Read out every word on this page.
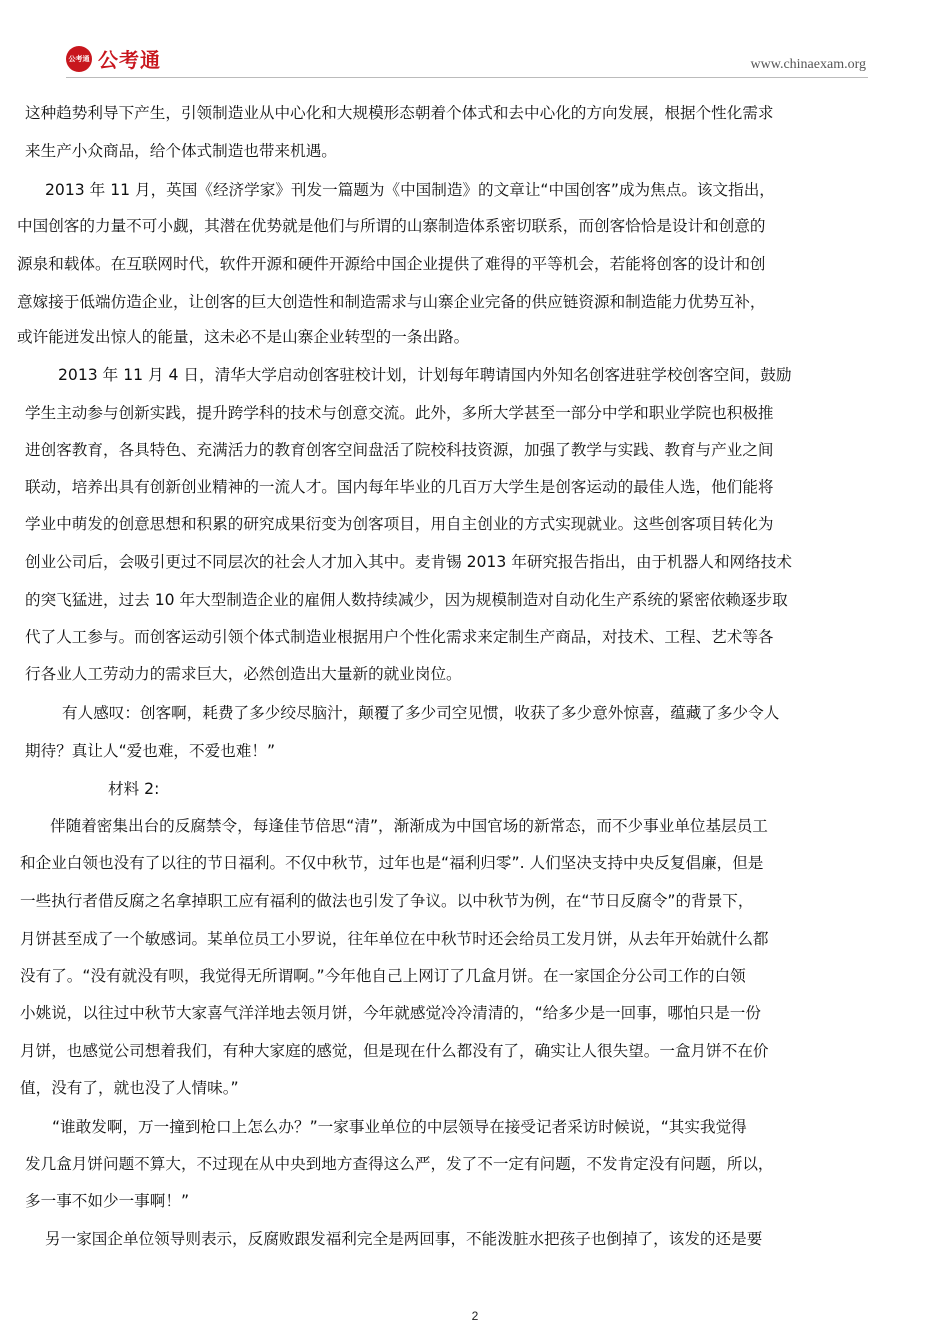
公考通 公考通	www.chinaexam.org
这种趋势利导下产生，引领制造业从中心化和大规模形态朝着个体式和去中心化的方向发展，根据个性化需求
来生产小众商品，给个体式制造也带来机遇。
2013 年 11 月，英国《经济学家》刊发一篇题为《中国制造》的文章让“中国创客”成为焦点。该文指出，
中国创客的力量不可小觑，其潜在优势就是他们与所谓的山寨制造体系密切联系，而创客恰恰是设计和创意的
源泉和载体。在互联网时代，软件开源和硬件开源给中国企业提供了难得的平等机会，若能将创客的设计和创
意嫁接于低端仿造企业，让创客的巨大创造性和制造需求与山寨企业完备的供应链资源和制造能力优势互补，
或许能迸发出惊人的能量，这未必不是山寨企业转型的一条出路。
2013 年 11 月 4 日，清华大学启动创客驻校计划，计划每年聘请国内外知名创客进驻学校创客空间，鼓励
学生主动参与创新实践，提升跨学科的技术与创意交流。此外，多所大学甚至一部分中学和职业学院也积极推
进创客教育，各具特色、充满活力的教育创客空间盘活了院校科技资源，加强了教学与实践、教育与产业之间
联动，培养出具有创新创业精神的一流人才。国内每年毕业的几百万大学生是创客运动的最佳人选，他们能将
学业中萌发的创意思想和积累的研究成果衍变为创客项目，用自主创业的方式实现就业。这些创客项目转化为
创业公司后，会吸引更过不同层次的社会人才加入其中。麦肯锡 2013 年研究报告指出，由于机器人和网络技术
的突飞猛进，过去 10 年大型制造企业的雇佣人数持续减少，因为规模制造对自动化生产系统的紧密依赖逐步取
代了人工参与。而创客运动引领个体式制造业根据用户个性化需求来定制生产商品，对技术、工程、艺术等各
行各业人工劳动力的需求巨大，必然创造出大量新的就业岗位。
有人感叹：创客啊，耗费了多少绞尽脑汁，颠覆了多少司空见惯，收获了多少意外惊喜，蕴藏了多少令人
期待？真让人“爱也难，不爱也难！”
材料 2:
伴随着密集出台的反腐禁令，每逢佳节倍思“清”，渐渐成为中国官场的新常态，而不少事业单位基层员工
和企业白领也没有了以往的节日福利。不仅中秋节，过年也是“福利归零”. 人们坚决支持中央反复倡廉，但是
一些执行者借反腐之名拿掉职工应有福利的做法也引发了争议。以中秋节为例，在“节日反腐令”的背景下，
月饼甚至成了一个敏感词。某单位员工小罗说，往年单位在中秋节时还会给员工发月饼，从去年开始就什么都
没有了。“没有就没有呗，我觉得无所谓啊。”今年他自己上网订了几盒月饼。在一家国企分公司工作的白领
小姚说，以往过中秋节大家喜气洋洋地去领月饼，今年就感觉冷冷清清的，“给多少是一回事，哪怕只是一份
月饼，也感觉公司想着我们，有种大家庭的感觉，但是现在什么都没有了，确实让人很失望。一盒月饼不在价
值，没有了，就也没了人情味。”
“谁敢发啊，万一撞到枪口上怎么办？”一家事业单位的中层领导在接受记者采访时候说，“其实我觉得
发几盒月饼问题不算大，不过现在从中央到地方查得这么严，发了不一定有问题，不发肯定没有问题，所以，
多一事不如少一事啊！”
另一家国企单位领导则表示，反腐败跟发福利完全是两回事，不能泼脏水把孩子也倒掉了，该发的还是要
2
